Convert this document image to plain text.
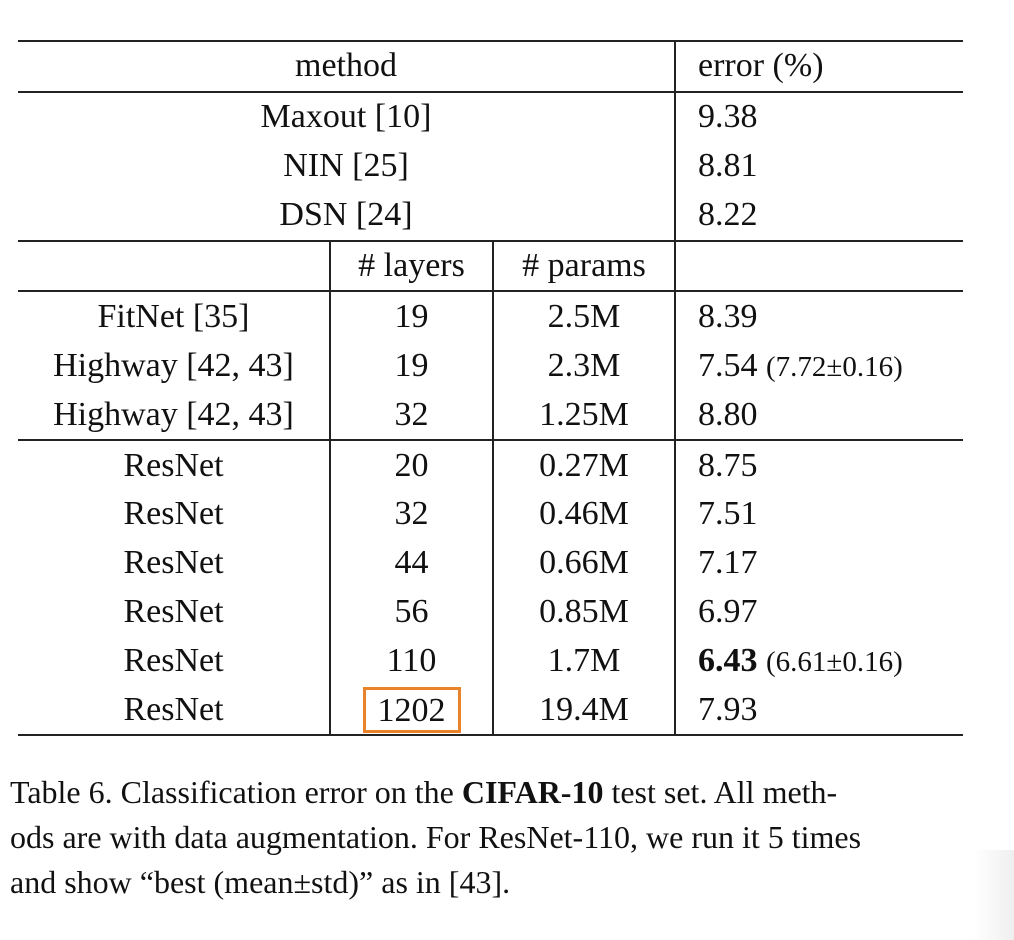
method			error (%)
Maxout [10]			9.38
NIN [25]			8.81
DSN [24]			8.22
	# layers	# params	
FitNet [35]	19	2.5M	8.39
Highway [42, 43]	19	2.3M	7.54 (7.72±0.16)
Highway [42, 43]	32	1.25M	8.80
ResNet	20	0.27M	8.75
ResNet	32	0.46M	7.51
ResNet	44	0.66M	7.17
ResNet	56	0.85M	6.97
ResNet	110	1.7M	6.43 (6.61±0.16)
ResNet	1202	19.4M	7.93
Table 6. Classification error on the CIFAR-10 test set. All meth-
ods are with data augmentation. For ResNet-110, we run it 5 times
and show “best (mean±std)” as in [43].
